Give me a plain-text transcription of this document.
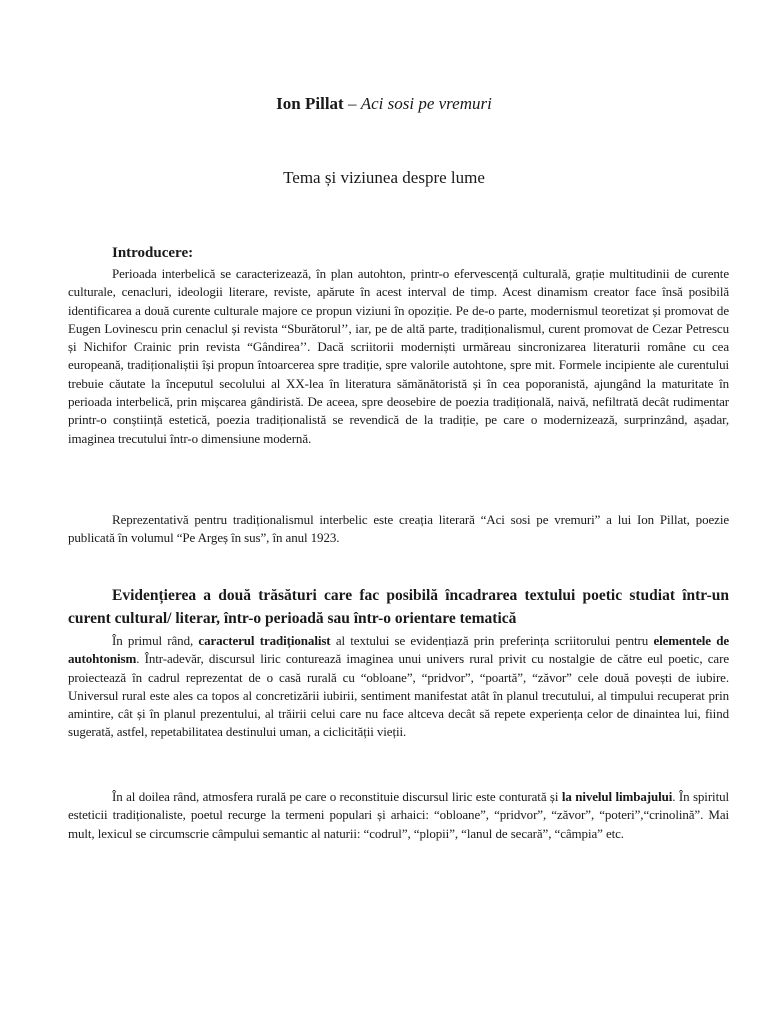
Ion Pillat – Aci sosi pe vremuri
Tema și viziunea despre lume
Introducere:

Perioada interbelică se caracterizează, în plan autohton, printr-o efervescență culturală, grație multitudinii de curente culturale, cenacluri, ideologii literare, reviste, apărute în acest interval de timp. Acest dinamism creator face însă posibilă identificarea a două curente culturale majore ce propun viziuni în opoziție. Pe de-o parte, modernismul teoretizat și promovat de Eugen Lovinescu prin cenaclul și revista “Sburătorul’’, iar, pe de altă parte, tradiționalismul, curent promovat de Cezar Petrescu și Nichifor Crainic prin revista “Gândirea’’. Dacă scriitorii moderniști urmăreau sincronizarea literaturii române cu cea europeană, tradiționaliștii își propun întoarcerea spre tradiție, spre valorile autohtone, spre mit. Formele incipiente ale curentului trebuie căutate la începutul secolului al XX-lea în literatura sămănătoristă și în cea poporanistă, ajungând la maturitate în perioada interbelică, prin mișcarea gândiristă. De aceea, spre deosebire de poezia tradițională, naivă, nefiltrată decât rudimentar printr-o conștiință estetică, poezia tradiționalistă se revendică de la tradiție, pe care o modernizează, surprinzând, așadar, imaginea trecutului într-o dimensiune modernă.

Reprezentativă pentru tradiționalismul interbelic este creația literară “Aci sosi pe vremuri” a lui Ion Pillat, poezie publicată în volumul “Pe Argeș în sus”, în anul 1923.

Evidențierea a două trăsături care fac posibilă încadrarea textului poetic studiat într-un curent cultural/ literar, într-o perioadă sau într-o orientare tematică

În primul rând, caracterul tradiționalist al textului se evidențiază prin preferința scriitorului pentru elementele de autohtonism. Într-adevăr, discursul liric conturează imaginea unui univers rural privit cu nostalgie de către eul poetic, care proiectează în cadrul reprezentat de o casă rurală cu “obloane”, “pridvor”, “poartă”, “zăvor” cele două povești de iubire. Universul rural este ales ca topos al concretizării iubirii, sentiment manifestat atât în planul trecutului, al timpului recuperat prin amintire, cât și în planul prezentului, al trăirii celui care nu face altceva decât să repete experiența celor de dinaintea lui, fiind sugerată, astfel, repetabilitatea destinului uman, a ciclicității vieții.

În al doilea rând, atmosfera rurală pe care o reconstituie discursul liric este conturată și la nivelul limbajului. În spiritul esteticii tradiționaliste, poetul recurge la termeni populari și arhaici: “obloane”, “pridvor”, “zăvor”, “poteri”,“crinolină”. Mai mult, lexicul se circumscrie câmpului semantic al naturii: “codrul”, “plopii”, “lanul de secară”, “câmpia” etc.
